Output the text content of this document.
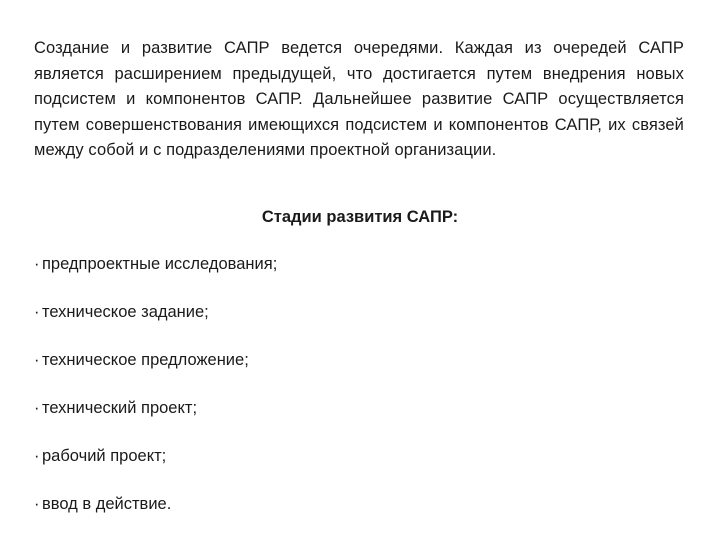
Создание и развитие САПР ведется очередями. Каждая из очередей САПР является расширением предыдущей, что достигается путем внедрения новых подсистем и компонентов САПР. Дальнейшее развитие САПР осуществляется путем совершенствования имеющихся подсистем и компонентов САПР, их связей между собой и с подразделениями проектной организации.

Стадии развития САПР:
· предпроектные исследования;
· техническое задание;
· техническое предложение;
· технический проект;
· рабочий проект;
· ввод в действие.
